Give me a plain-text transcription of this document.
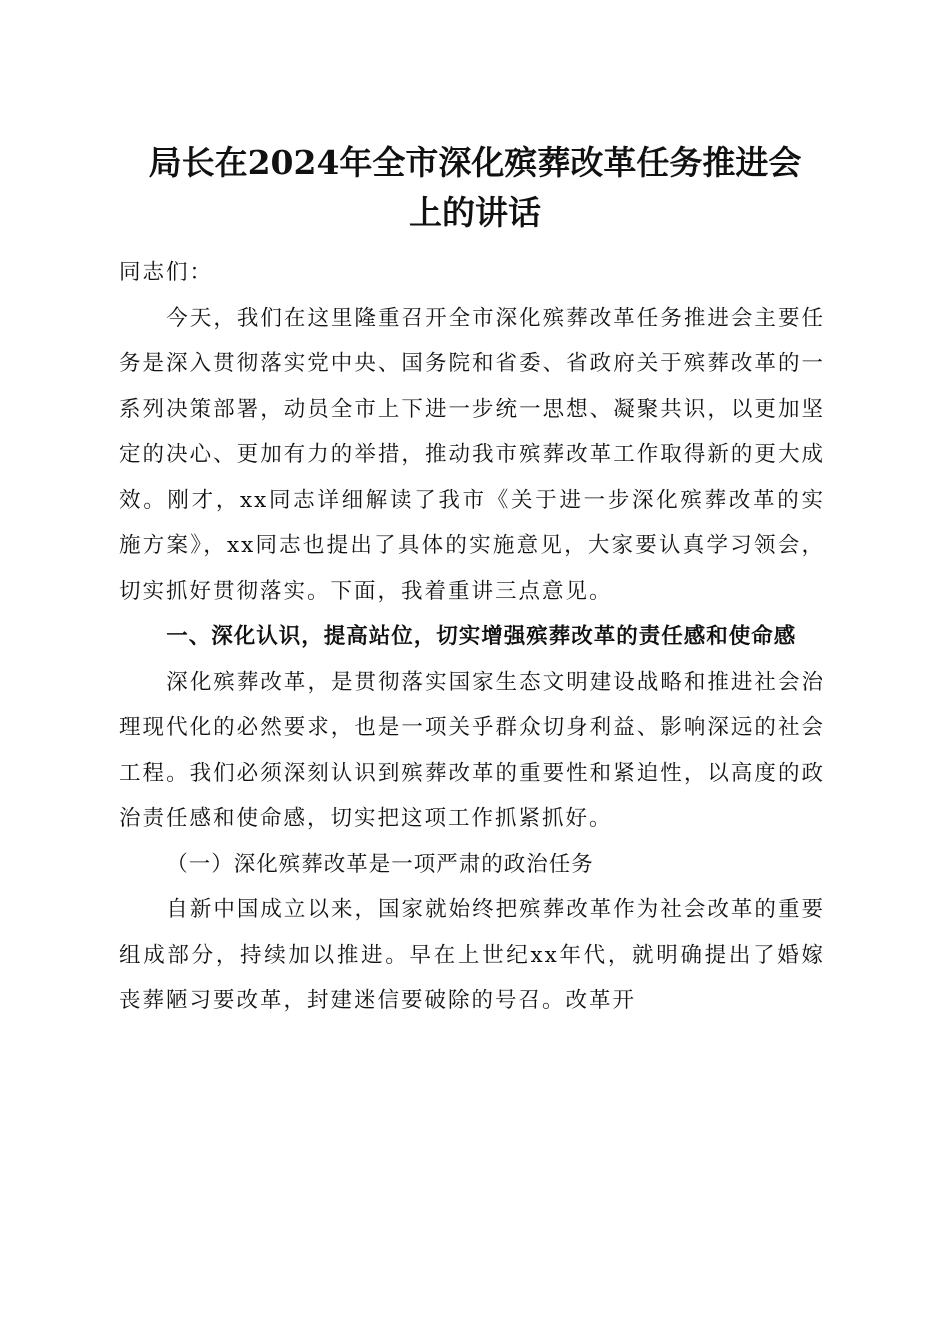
局长在2024年全市深化殡葬改革任务推进会
上的讲话

同志们：

今天，我们在这里隆重召开全市深化殡葬改革任务推进会主要任务是深入贯彻落实党中央、国务院和省委、省政府关于殡葬改革的一系列决策部署，动员全市上下进一步统一思想、凝聚共识，以更加坚定的决心、更加有力的举措，推动我市殡葬改革工作取得新的更大成效。刚才，xx同志详细解读了我市《关于进一步深化殡葬改革的实施方案》，xx同志也提出了具体的实施意见，大家要认真学习领会，切实抓好贯彻落实。下面，我着重讲三点意见。

一、深化认识，提高站位，切实增强殡葬改革的责任感和使命感

深化殡葬改革，是贯彻落实国家生态文明建设战略和推进社会治理现代化的必然要求，也是一项关乎群众切身利益、影响深远的社会工程。我们必须深刻认识到殡葬改革的重要性和紧迫性，以高度的政治责任感和使命感，切实把这项工作抓紧抓好。

（一）深化殡葬改革是一项严肃的政治任务

自新中国成立以来，国家就始终把殡葬改革作为社会改革的重要组成部分，持续加以推进。早在上世纪xx年代，就明确提出了婚嫁丧葬陋习要改革，封建迷信要破除的号召。改革开
